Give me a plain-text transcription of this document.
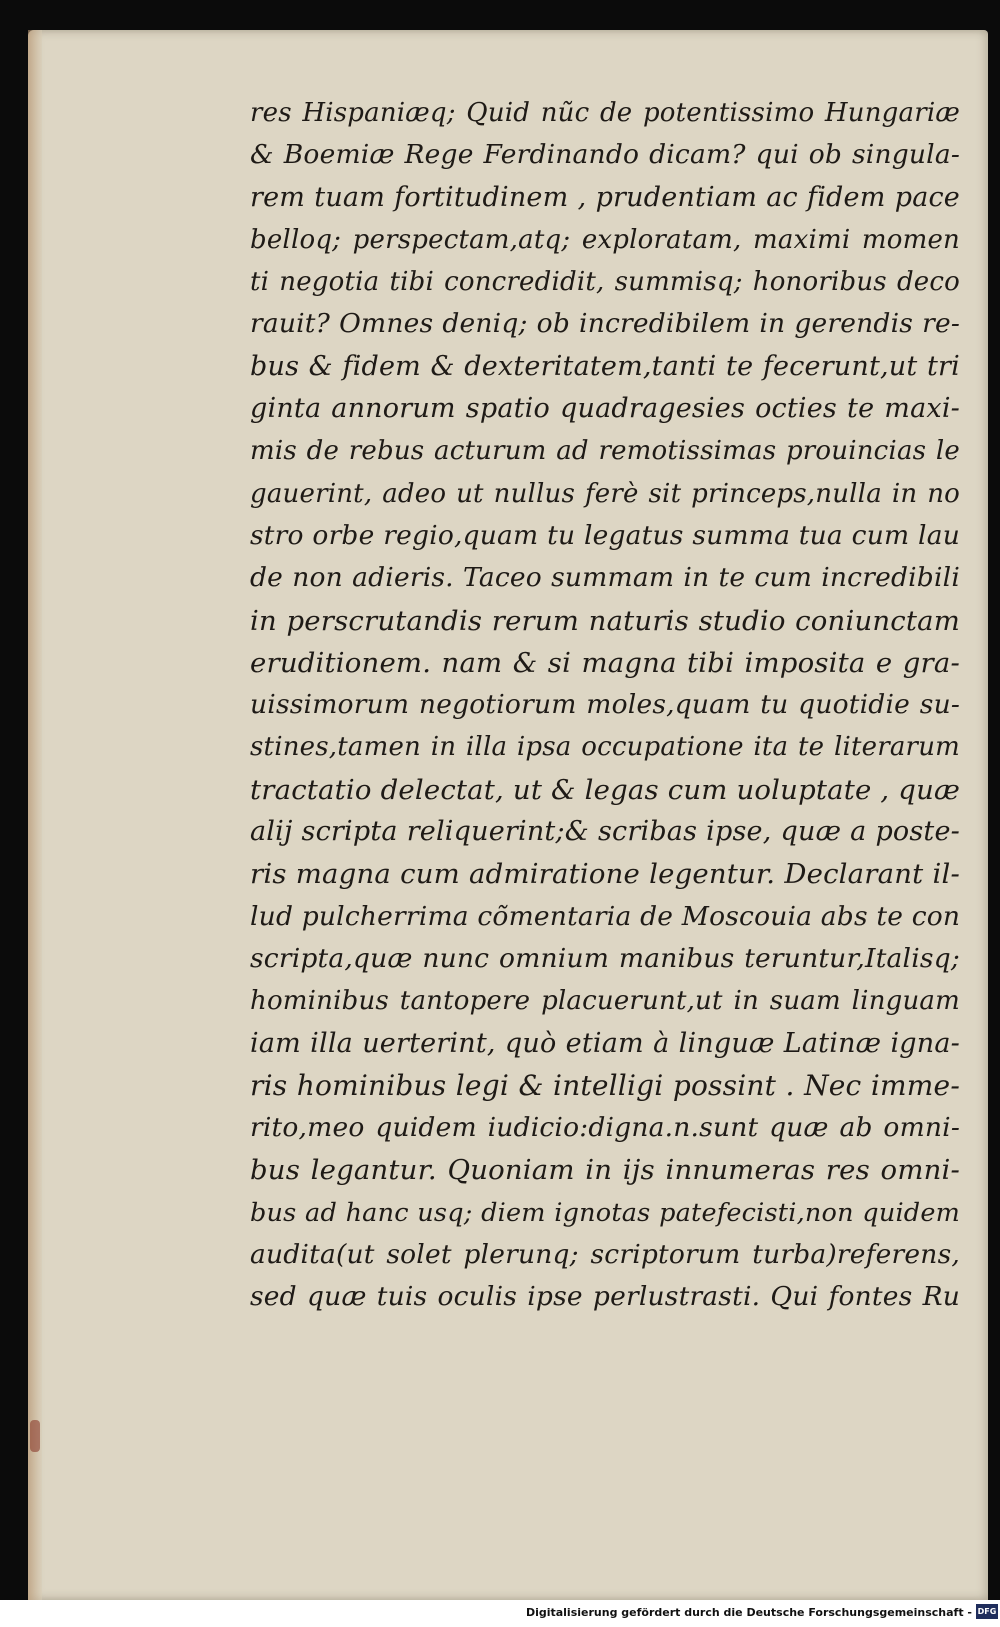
res Hispaniæq; Quid nũc de potentissimo Hungariæ
& Boemiæ Rege Ferdinando dicam? qui ob singula-
rem tuam fortitudinem , prudentiam ac fidem pace
belloq; perspectam,atq; exploratam, maximi momen
ti negotia tibi concredidit, summisq; honoribus deco
rauit? Omnes deniq; ob incredibilem in gerendis re-
bus & fidem & dexteritatem,tanti te fecerunt,ut tri
ginta annorum spatio quadragesies octies te maxi-
mis de rebus acturum ad remotissimas prouincias le
gauerint, adeo ut nullus ferè sit princeps,nulla in no
stro orbe regio,quam tu legatus summa tua cum lau
de non adieris. Taceo summam in te cum incredibili
in perscrutandis rerum naturis studio coniunctam
eruditionem. nam & si magna tibi imposita e gra-
uissimorum negotiorum moles,quam tu quotidie su-
stines,tamen in illa ipsa occupatione ita te literarum
tractatio delectat, ut & legas cum uoluptate , quæ
alij scripta reliquerint;& scribas ipse, quæ a poste-
ris magna cum admiratione legentur. Declarant il-
lud pulcherrima cõmentaria de Moscouia abs te con
scripta,quæ nunc omnium manibus teruntur,Italisq;
hominibus tantopere placuerunt,ut in suam linguam
iam illa uerterint, quò etiam à linguæ Latinæ igna-
ris hominibus legi & intelligi possint . Nec imme-
rito,meo quidem iudicio:digna.n.sunt quæ ab omni-
bus legantur. Quoniam in ijs innumeras res omni-
bus ad hanc usq; diem ignotas patefecisti,non quidem
audita(ut solet plerunq; scriptorum turba)referens,
sed quæ tuis oculis ipse perlustrasti. Qui fontes Ru
Digitalisierung gefördert durch die Deutsche Forschungsgemeinschaft - DFG
